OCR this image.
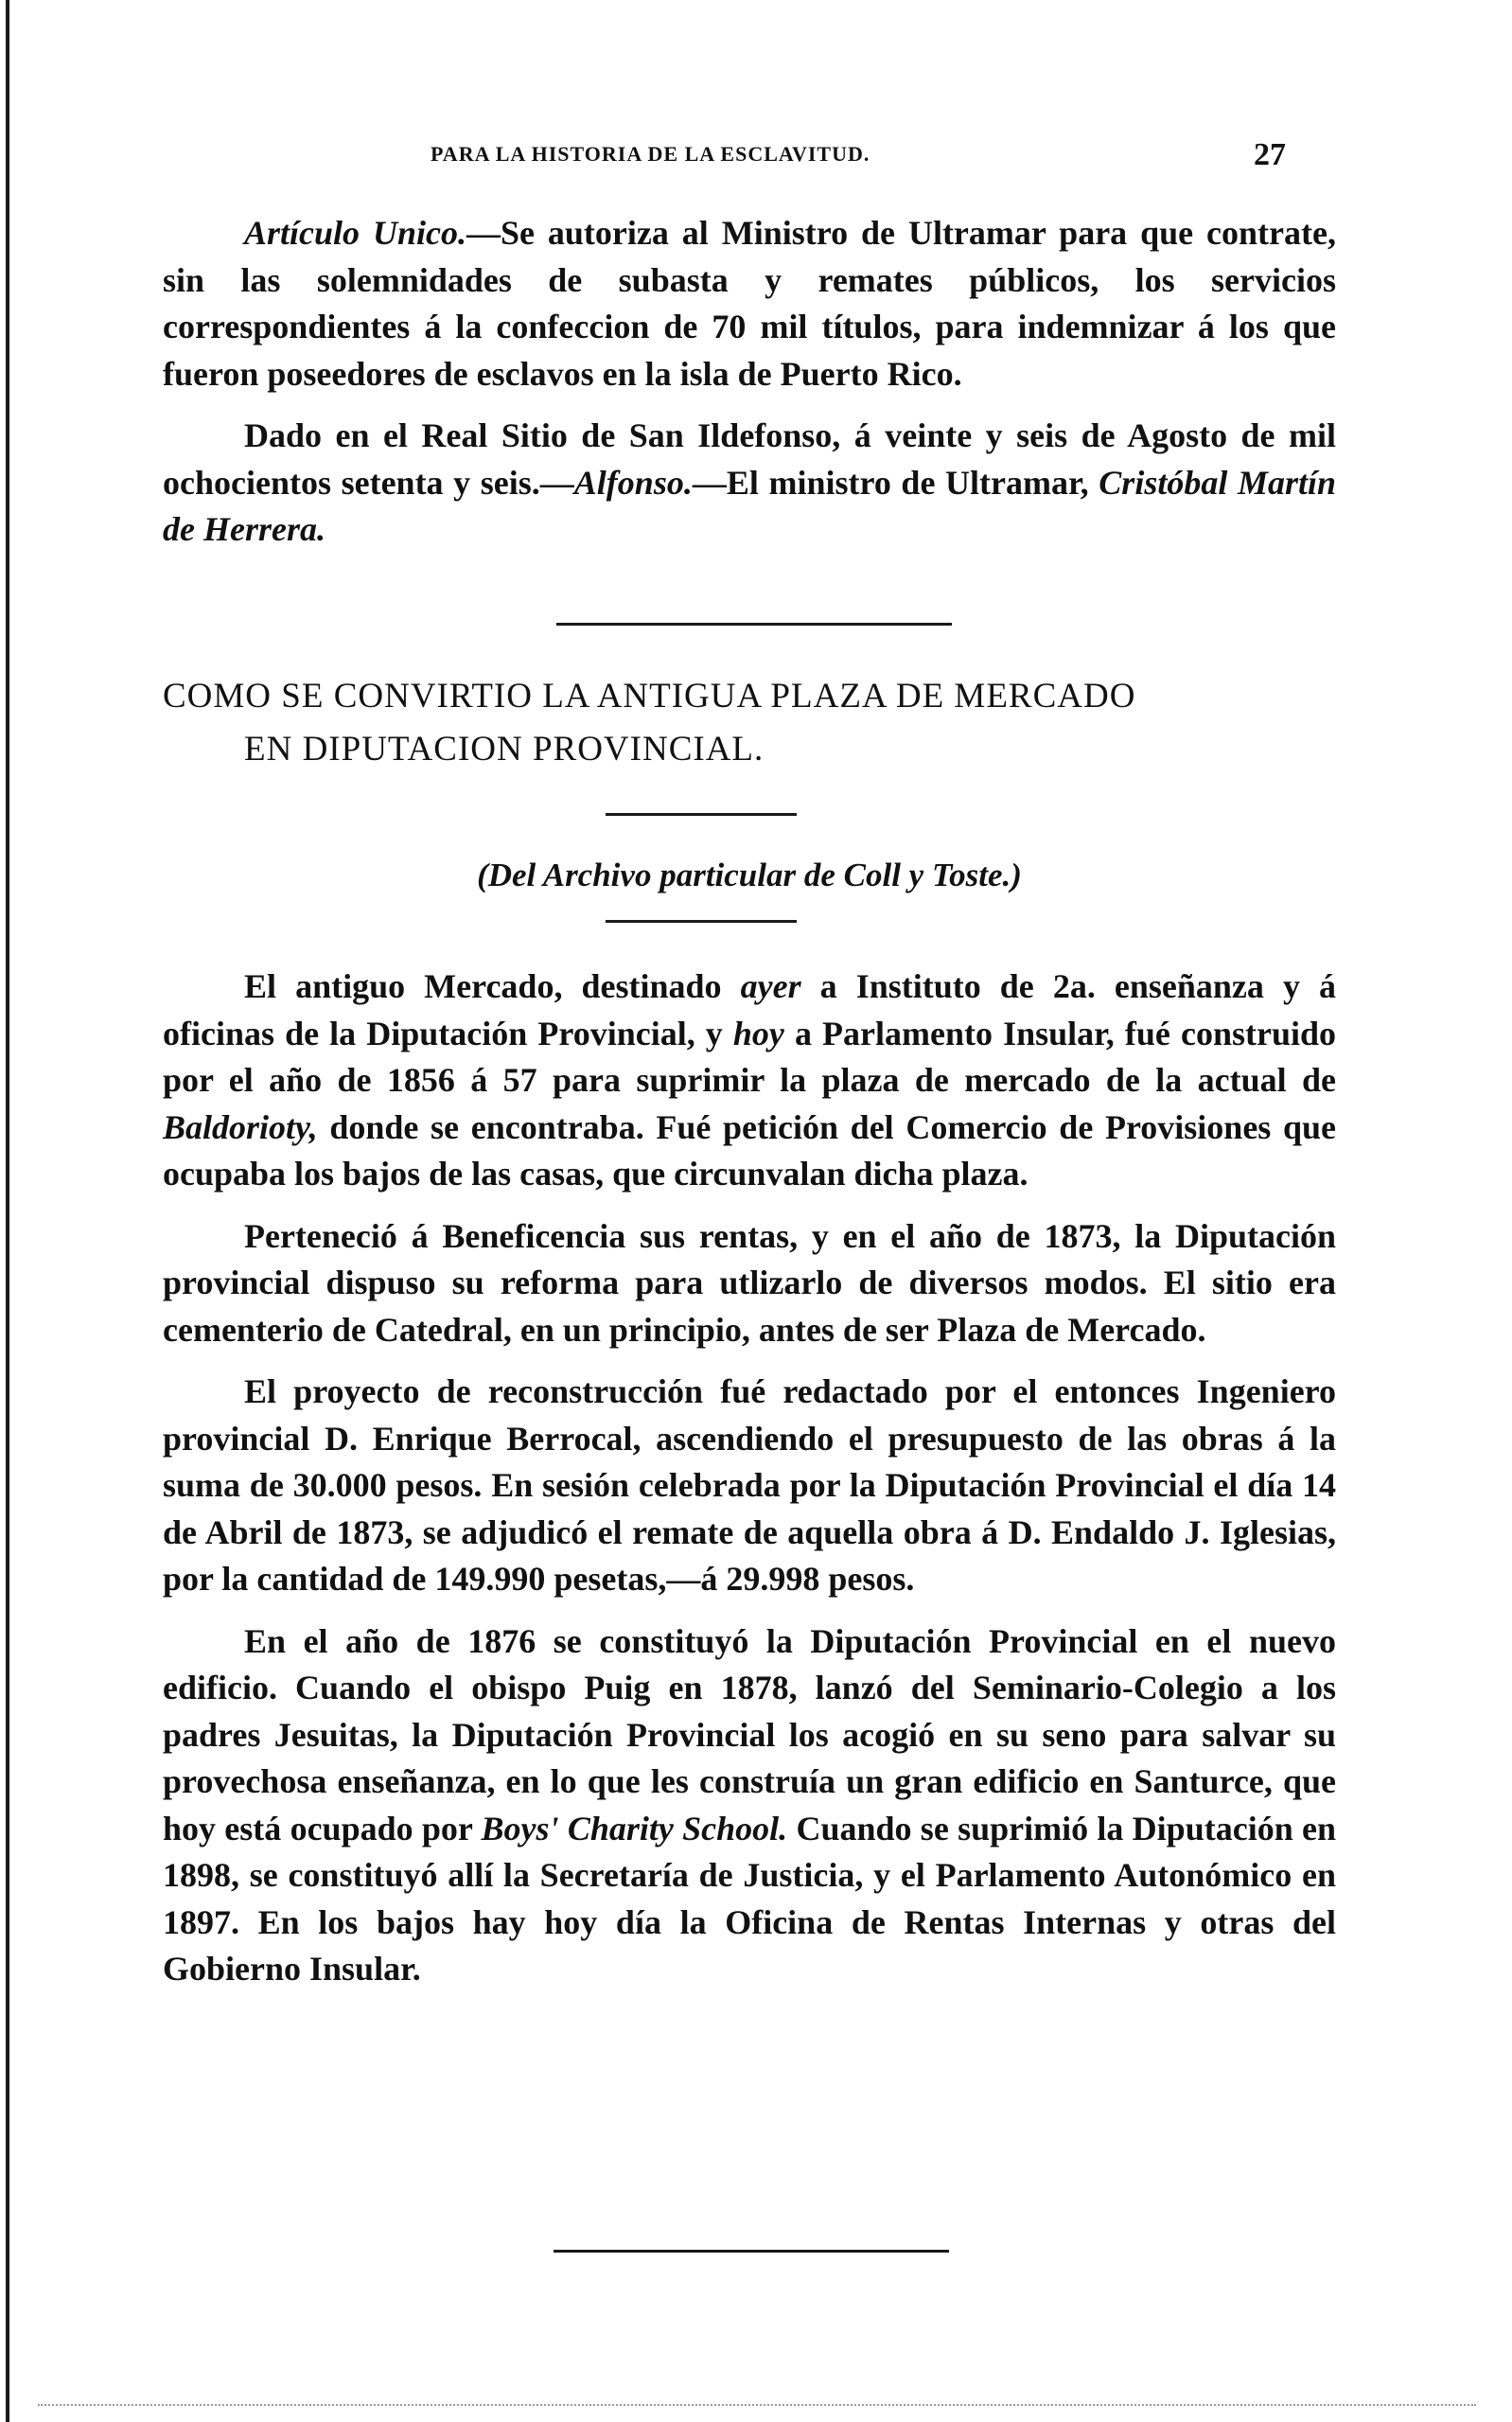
PARA LA HISTORIA DE LA ESCLAVITUD.	27

Artículo Unico.—Se autoriza al Ministro de Ultramar para que contrate, sin las solemnidades de subasta y remates públicos, los servicios correspondientes á la confeccion de 70 mil títulos, para indemnizar á los que fueron poseedores de esclavos en la isla de Puerto Rico.

Dado en el Real Sitio de San Ildefonso, á veinte y seis de Agosto de mil ochocientos setenta y seis.—Alfonso.—El ministro de Ultramar, Cristóbal Martín de Herrera.

COMO SE CONVIRTIO LA ANTIGUA PLAZA DE MERCADO
EN DIPUTACION PROVINCIAL.
(Del Archivo particular de Coll y Toste.)

El antiguo Mercado, destinado ayer a Instituto de 2a. enseñanza y á oficinas de la Diputación Provincial, y hoy a Parlamento Insular, fué construido por el año de 1856 á 57 para suprimir la plaza de mercado de la actual de Baldorioty, donde se encontraba. Fué petición del Comercio de Provisiones que ocupaba los bajos de las casas, que circunvalan dicha plaza.

Perteneció á Beneficencia sus rentas, y en el año de 1873, la Diputación provincial dispuso su reforma para utlizarlo de diversos modos. El sitio era cementerio de Catedral, en un principio, antes de ser Plaza de Mercado.

El proyecto de reconstrucción fué redactado por el entonces Ingeniero provincial D. Enrique Berrocal, ascendiendo el presupuesto de las obras á la suma de 30.000 pesos. En sesión celebrada por la Diputación Provincial el día 14 de Abril de 1873, se adjudicó el remate de aquella obra á D. Endaldo J. Iglesias, por la cantidad de 149.990 pesetas,—á 29.998 pesos.

En el año de 1876 se constituyó la Diputación Provincial en el nuevo edificio. Cuando el obispo Puig en 1878, lanzó del Seminario-Colegio a los padres Jesuitas, la Diputación Provincial los acogió en su seno para salvar su provechosa enseñanza, en lo que les construía un gran edificio en Santurce, que hoy está ocupado por Boys' Charity School. Cuando se suprimió la Diputación en 1898, se constituyó allí la Secretaría de Justicia, y el Parlamento Autonómico en 1897. En los bajos hay hoy día la Oficina de Rentas Internas y otras del Gobierno Insular.
